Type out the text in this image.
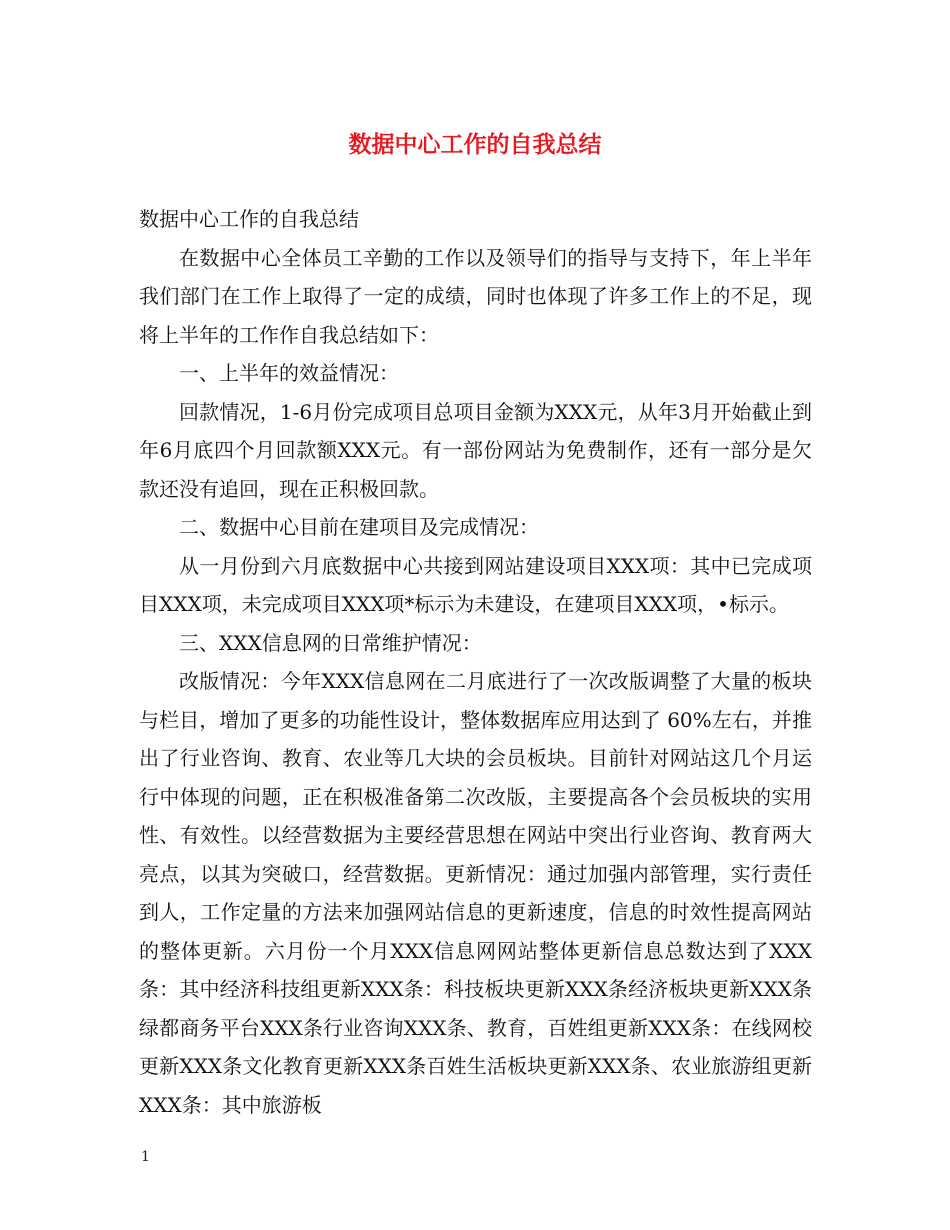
数据中心工作的自我总结

数据中心工作的自我总结

在数据中心全体员工辛勤的工作以及领导们的指导与支持下，年上半年我们部门在工作上取得了一定的成绩，同时也体现了许多工作上的不足，现将上半年的工作作自我总结如下：

一、上半年的效益情况：

回款情况，1-6月份完成项目总项目金额为XXX元，从年3月开始截止到年6月底四个月回款额XXX元。有一部份网站为免费制作，还有一部分是欠款还没有追回，现在正积极回款。

二、数据中心目前在建项目及完成情况：

从一月份到六月底数据中心共接到网站建设项目XXX项：其中已完成项目XXX项，未完成项目XXX项*标示为未建设，在建项目XXX项，•标示。

三、XXX信息网的日常维护情况：

改版情况：今年XXX信息网在二月底进行了一次改版调整了大量的板块与栏目，增加了更多的功能性设计，整体数据库应用达到了 60%左右，并推出了行业咨询、教育、农业等几大块的会员板块。目前针对网站这几个月运行中体现的问题，正在积极准备第二次改版，主要提高各个会员板块的实用性、有效性。以经营数据为主要经营思想在网站中突出行业咨询、教育两大亮点，以其为突破口，经营数据。更新情况：通过加强内部管理，实行责任到人，工作定量的方法来加强网站信息的更新速度，信息的时效性提高网站的整体更新。六月份一个月XXX信息网网站整体更新信息总数达到了XXX条：其中经济科技组更新XXX条：科技板块更新XXX条经济板块更新XXX条绿都商务平台XXX条行业咨询XXX条、教育，百姓组更新XXX条：在线网校更新XXX条文化教育更新XXX条百姓生活板块更新XXX条、农业旅游组更新XXX条：其中旅游板

1
